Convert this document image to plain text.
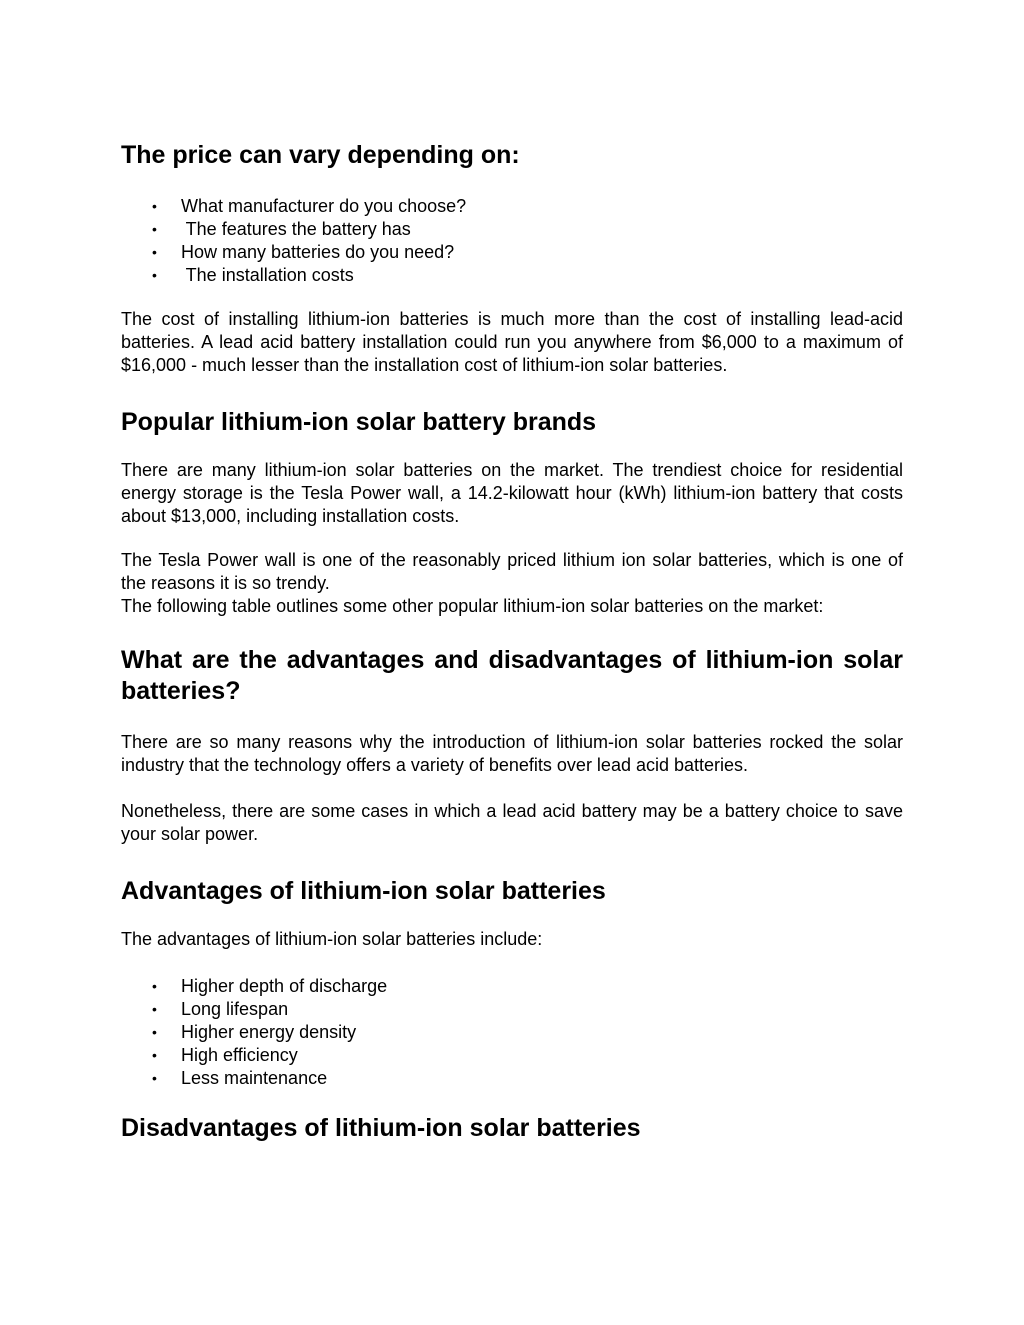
The price can vary depending on:
• What manufacturer do you choose?
• The features the battery has
• How many batteries do you need?
• The installation costs

The cost of installing lithium-ion batteries is much more than the cost of installing lead-acid batteries. A lead acid battery installation could run you anywhere from $6,000 to a maximum of $16,000 - much lesser than the installation cost of lithium-ion solar batteries.

Popular lithium-ion solar battery brands

There are many lithium-ion solar batteries on the market. The trendiest choice for residential energy storage is the Tesla Power wall, a 14.2-kilowatt hour (kWh) lithium-ion battery that costs about $13,000, including installation costs.

The Tesla Power wall is one of the reasonably priced lithium ion solar batteries, which is one of the reasons it is so trendy.

The following table outlines some other popular lithium-ion solar batteries on the market:

What are the advantages and disadvantages of lithium-ion solar batteries?

There are so many reasons why the introduction of lithium-ion solar batteries rocked the solar industry that the technology offers a variety of benefits over lead acid batteries.

Nonetheless, there are some cases in which a lead acid battery may be a battery choice to save your solar power.

Advantages of lithium-ion solar batteries

The advantages of lithium-ion solar batteries include:

• Higher depth of discharge
• Long lifespan
• Higher energy density
• High efficiency
• Less maintenance
Disadvantages of lithium-ion solar batteries
